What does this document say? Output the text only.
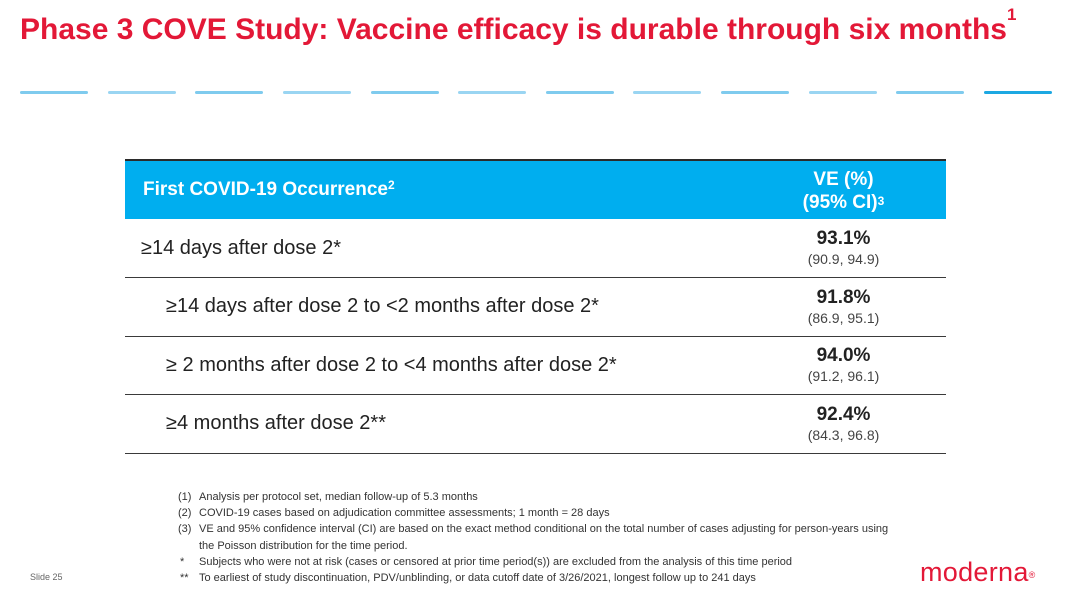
Phase 3 COVE Study: Vaccine efficacy is durable through six months$^1$
First COVID-19 Occurrence$^2$	VE (%)
(95% CI)$^3$
≥14 days after dose 2*	93.1%
(90.9, 94.9)

≥14 days after dose 2 to <2 months after dose 2*	91.8%
(86.9, 95.1)

≥ 2 months after dose 2 to <4 months after dose 2*	94.0%
(91.2, 96.1)

≥4 months after dose 2**	92.4%
(84.3, 96.8)
(1) Analysis per protocol set, median follow-up of 5.3 months
(2) COVID-19 cases based on adjudication committee assessments; 1 month = 28 days
(3) VE and 95% confidence interval (CI) are based on the exact method conditional on the total number of cases adjusting for person-years using the Poisson distribution for the time period.
*	Subjects who were not at risk (cases or censored at prior time period(s)) are excluded from the analysis of this time period
** To earliest of study discontinuation, PDV/unblinding, or data cutoff date of 3/26/2021, longest follow up to 241 days
Slide 25	moderna®
